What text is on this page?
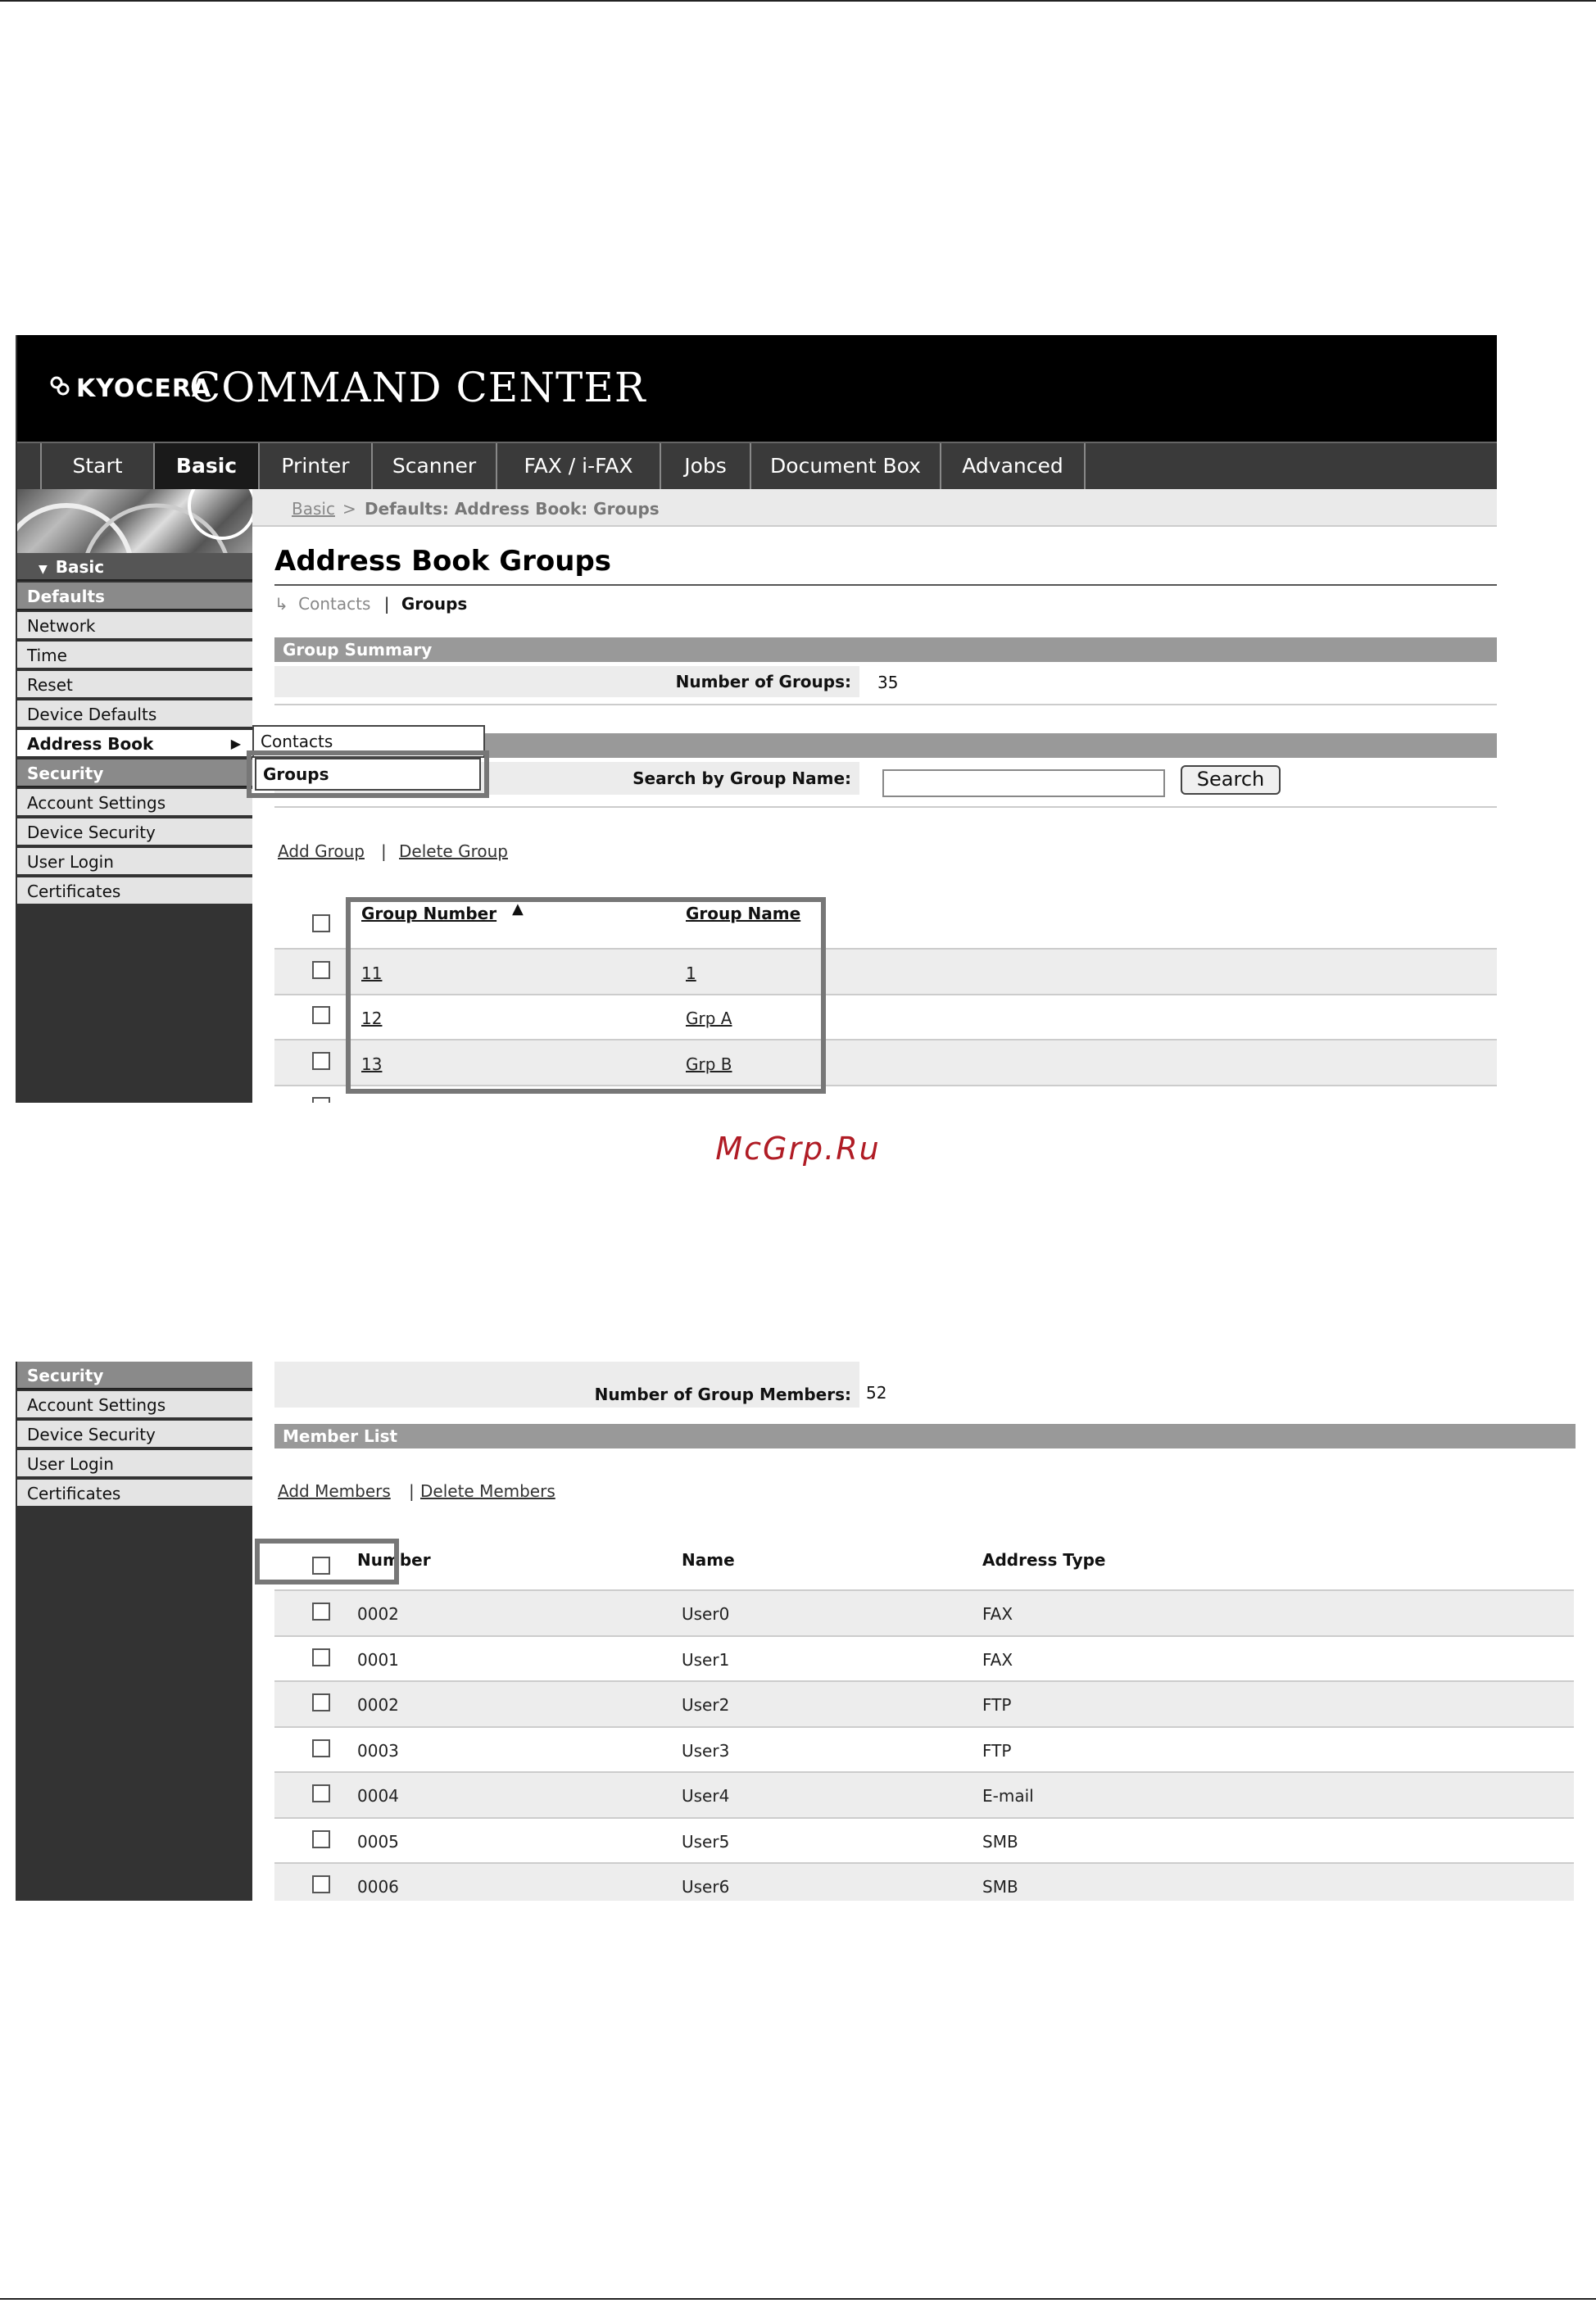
KYOCERA
COMMAND CENTER
Start	Basic	Printer	Scanner	FAX / i-FAX	Jobs	Document Box	Advanced
▼ Basic
Defaults
Network
Time
Reset
Device Defaults
Address Book	▶
Security
Account Settings
Device Security
User Login
Certificates
Basic > Defaults: Address Book: Groups
Address Book Groups
↳ Contacts | Groups
Group Summary
Number of Groups:	35
Search by Group Name:	Search
Contacts
Groups
Add Group | Delete Group
Group Number ▲	Group Name
11	1
12	Grp A
13	Grp B
McGrp.Ru
Security
Account Settings
Device Security
User Login
Certificates
Number of Group Members: 52
Member List
Add Members | Delete Members
Number	Name	Address Type
0002	User0	FAX
0001	User1	FAX
0002	User2	FTP
0003	User3	FTP
0004	User4	E-mail
0005	User5	SMB
0006	User6	SMB
